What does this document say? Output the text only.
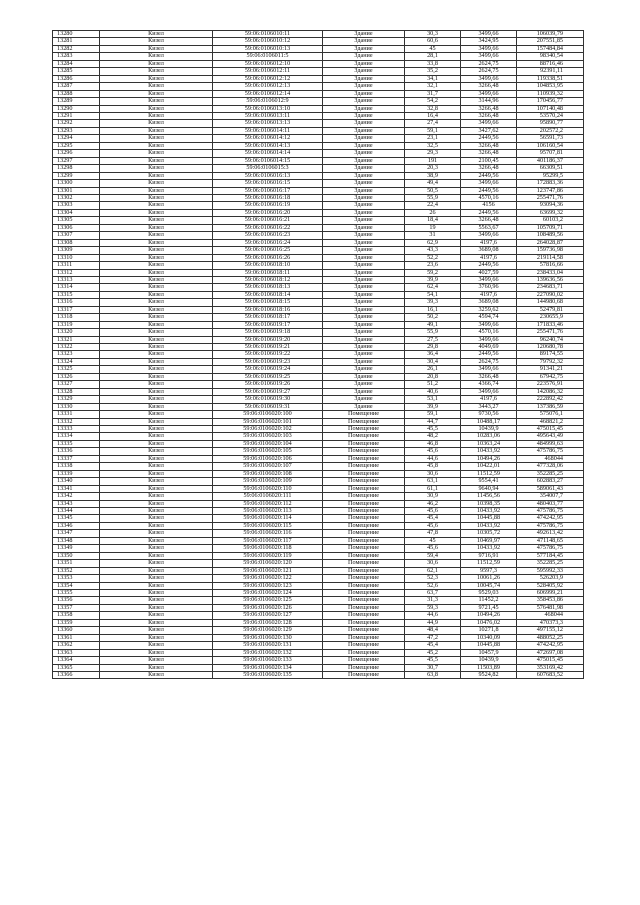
13280	Кизел	59:06:0106010:11	Здание	30,3	3499,66	106039,79
13281	Кизел	59:06:0106010:12	Здание	60,6	3424,95	207551,85
13282	Кизел	59:06:0106010:13	Здание	45	3499,66	157484,84
13283	Кизел	59:06:0106011:5	Здание	28,1	3499,66	98340,54
13284	Кизел	59:06:0106012:10	Здание	33,8	2624,75	88716,46
13285	Кизел	59:06:0106012:11	Здание	35,2	2624,75	92391,11
13286	Кизел	59:06:0106012:12	Здание	34,1	3499,66	119338,51
13287	Кизел	59:06:0106012:13	Здание	32,1	3266,48	104853,95
13288	Кизел	59:06:0106012:14	Здание	31,7	3499,66	110939,32
13289	Кизел	59:06:0106012:9	Здание	54,2	3144,96	170456,77
13290	Кизел	59:06:0106013:10	Здание	32,8	3266,48	107140,48
13291	Кизел	59:06:0106013:11	Здание	16,4	3266,48	53570,24
13292	Кизел	59:06:0106013:13	Здание	27,4	3499,66	95890,77
13293	Кизел	59:06:0106014:11	Здание	59,1	3427,62	202572,2
13294	Кизел	59:06:0106014:12	Здание	23,1	2449,56	56591,73
13295	Кизел	59:06:0106014:13	Здание	32,5	3266,48	106160,54
13296	Кизел	59:06:0106014:14	Здание	29,3	3266,48	95707,81
13297	Кизел	59:06:0106014:15	Здание	191	2100,45	401186,37
13298	Кизел	59:06:0106015:3	Здание	20,3	3266,48	66309,51
13299	Кизел	59:06:0106016:13	Здание	38,9	2449,56	95299,5
13300	Кизел	59:06:0106016:15	Здание	49,4	3499,66	172883,36
13301	Кизел	59:06:0106016:17	Здание	50,5	2449,56	123747,86
13302	Кизел	59:06:0106016:18	Здание	55,9	4570,16	255471,76
13303	Кизел	59:06:0106016:19	Здание	22,4	4156	93094,36
13304	Кизел	59:06:0106016:20	Здание	26	2449,56	63699,32
13305	Кизел	59:06:0106016:21	Здание	18,4	3266,48	60103,2
13306	Кизел	59:06:0106016:22	Здание	19	5563,67	105709,71
13307	Кизел	59:06:0106016:23	Здание	31	3499,66	108489,56
13308	Кизел	59:06:0106016:24	Здание	62,9	4197,6	264028,87
13309	Кизел	59:06:0106016:25	Здание	43,3	3689,08	159736,98
13310	Кизел	59:06:0106016:26	Здание	52,2	4197,6	219114,58
13311	Кизел	59:06:0106018:10	Здание	23,6	2449,56	57816,66
13312	Кизел	59:06:0106018:11	Здание	59,2	4027,59	238433,04
13313	Кизел	59:06:0106018:12	Здание	39,9	3499,66	139636,56
13314	Кизел	59:06:0106018:13	Здание	62,4	3760,96	234683,71
13315	Кизел	59:06:0106018:14	Здание	54,1	4197,6	227090,02
13316	Кизел	59:06:0106018:15	Здание	39,3	3689,08	144980,68
13317	Кизел	59:06:0106018:16	Здание	16,1	3259,62	52479,81
13318	Кизел	59:06:0106018:17	Здание	50,2	4594,74	230655,9
13319	Кизел	59:06:0106019:17	Здание	49,1	3499,66	171833,46
13320	Кизел	59:06:0106019:18	Здание	55,9	4570,16	255471,76
13321	Кизел	59:06:0106019:20	Здание	27,5	3499,66	96240,74
13322	Кизел	59:06:0106019:21	Здание	29,8	4049,69	120680,78
13323	Кизел	59:06:0106019:22	Здание	36,4	2449,56	89174,55
13324	Кизел	59:06:0106019:23	Здание	30,4	2624,75	79792,32
13325	Кизел	59:06:0106019:24	Здание	26,1	3499,66	91341,21
13326	Кизел	59:06:0106019:25	Здание	20,8	3266,48	67942,75
13327	Кизел	59:06:0106019:26	Здание	51,2	4366,74	223576,91
13328	Кизел	59:06:0106019:27	Здание	40,6	3499,66	142086,32
13329	Кизел	59:06:0106019:30	Здание	53,1	4197,6	222892,42
13330	Кизел	59:06:0106019:31	Здание	39,9	3443,27	137386,59
13331	Кизел	59:06:0106020:100	Помещение	59,1	9730,56	575076,1
13332	Кизел	59:06:0106020:101	Помещение	44,7	10488,17	468821,2
13333	Кизел	59:06:0106020:102	Помещение	45,5	10439,9	475015,45
13334	Кизел	59:06:0106020:103	Помещение	48,2	10283,06	495643,49
13335	Кизел	59:06:0106020:104	Помещение	46,8	10363,24	484999,63
13336	Кизел	59:06:0106020:105	Помещение	45,6	10433,92	475786,75
13337	Кизел	59:06:0106020:106	Помещение	44,6	10494,26	468044
13338	Кизел	59:06:0106020:107	Помещение	45,8	10422,01	477328,06
13339	Кизел	59:06:0106020:108	Помещение	30,6	11512,59	352285,25
13340	Кизел	59:06:0106020:109	Помещение	63,1	9554,41	602883,27
13341	Кизел	59:06:0106020:110	Помещение	61,1	9640,94	589061,43
13342	Кизел	59:06:0106020:111	Помещение	30,9	11456,56	354007,7
13343	Кизел	59:06:0106020:112	Помещение	46,2	10398,35	480403,77
13344	Кизел	59:06:0106020:113	Помещение	45,6	10433,92	475786,75
13345	Кизел	59:06:0106020:114	Помещение	45,4	10445,88	474242,95
13346	Кизел	59:06:0106020:115	Помещение	45,6	10433,92	475786,75
13347	Кизел	59:06:0106020:116	Помещение	47,8	10305,72	492613,42
13348	Кизел	59:06:0106020:117	Помещение	45	10469,97	471148,65
13349	Кизел	59:06:0106020:118	Помещение	45,6	10433,92	475786,75
13350	Кизел	59:06:0106020:119	Помещение	59,4	9716,91	577184,45
13351	Кизел	59:06:0106020:120	Помещение	30,6	11512,59	352285,25
13352	Кизел	59:06:0106020:121	Помещение	62,1	9597,3	595992,33
13353	Кизел	59:06:0106020:122	Помещение	52,3	10061,26	526203,9
13354	Кизел	59:06:0106020:123	Помещение	52,6	10045,74	528405,92
13355	Кизел	59:06:0106020:124	Помещение	63,7	9529,03	606999,21
13356	Кизел	59:06:0106020:125	Помещение	31,3	11452,2	358453,86
13357	Кизел	59:06:0106020:126	Помещение	59,3	9721,45	576481,98
13358	Кизел	59:06:0106020:127	Помещение	44,6	10494,26	468044
13359	Кизел	59:06:0106020:128	Помещение	44,9	10476,02	470373,3
13360	Кизел	59:06:0106020:129	Помещение	48,4	10271,8	497155,12
13361	Кизел	59:06:0106020:130	Помещение	47,2	10340,09	488052,25
13362	Кизел	59:06:0106020:131	Помещение	45,4	10445,88	474242,95
13363	Кизел	59:06:0106020:132	Помещение	45,2	10457,9	472697,08
13364	Кизел	59:06:0106020:133	Помещение	45,5	10439,9	475015,45
13365	Кизел	59:06:0106020:134	Помещение	30,7	11503,89	353169,42
13366	Кизел	59:06:0106020:135	Помещение	63,8	9524,82	607683,52
